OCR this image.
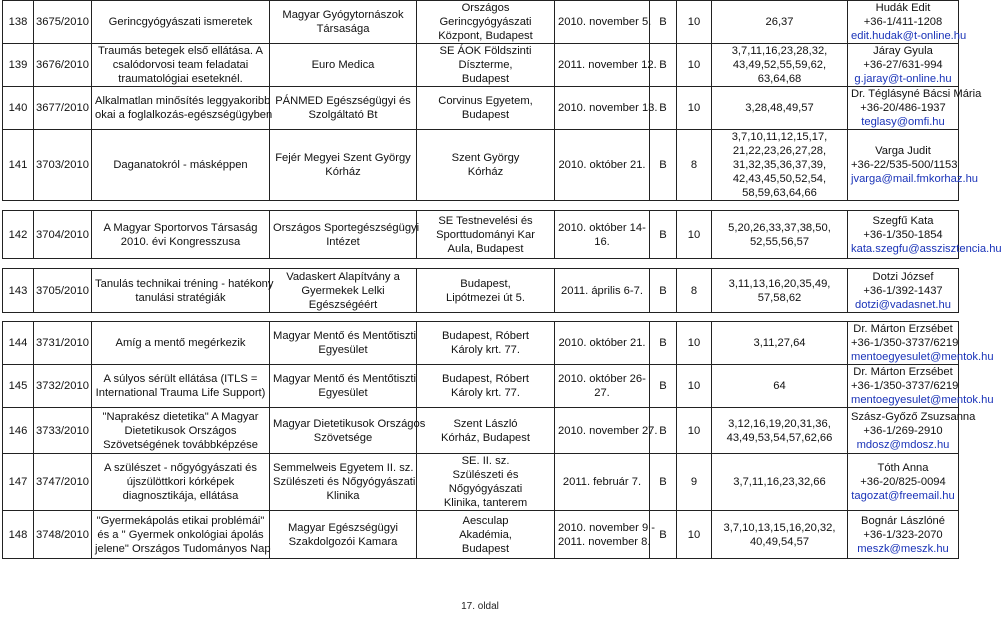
138	3675/2010	Gerincgyógyászati ismeretek	Magyar Gyógytornászok
Társasága	Országos
Gerincgyógyászati
Központ, Budapest	2010. november 5.	B	10	26,37	Hudák Edit
+36-1/411-1208
edit.hudak@t-online.hu

139	3676/2010	Traumás betegek első ellátása. A
csalódorvosi team feladatai
traumatológiai eseteknél.	Euro Medica	SE ÁOK Földszinti
Díszterme,
Budapest	2011. november 12.	B	10	3,7,11,16,23,28,32,
43,49,52,55,59,62,
63,64,68	Járay Gyula
+36-27/631-994
g.jaray@t-online.hu

140	3677/2010	Alkalmatlan minősítés leggyakoribb
okai a foglalkozás-egészségügyben	PÁNMED Egészségügyi és
Szolgáltató Bt	Corvinus Egyetem,
Budapest	2010. november 13.	B	10	3,28,48,49,57	Dr. Téglásyné Bácsi Mária
+36-20/486-1937
teglasy@omfi.hu

141	3703/2010	Daganatokról - másképpen	Fejér Megyei Szent György
Kórház	Szent György
Kórház	2010. október 21.	B	8	3,7,10,11,12,15,17,
21,22,23,26,27,28,
31,32,35,36,37,39,
42,43,45,50,52,54,
58,59,63,64,66	Varga Judit
+36-22/535-500/1153
jvarga@mail.fmkorhaz.hu

142	3704/2010	A Magyar Sportorvos Társaság
2010. évi Kongresszusa	Országos Sportegészségügyi
Intézet	SE Testnevelési és
Sporttudományi Kar
Aula, Budapest	2010. október 14-
16.	B	10	5,20,26,33,37,38,50,
52,55,56,57	Szegfű Kata
+36-1/350-1854
kata.szegfu@asszisztencia.hu

143	3705/2010	Tanulás technikai tréning - hatékony
tanulási stratégiák	Vadaskert Alapítvány a
Gyermekek Lelki
Egészségéért	Budapest,
Lipótmezei út 5.	2011. április 6-7.	B	8	3,11,13,16,20,35,49,
57,58,62	Dotzi József
+36-1/392-1437
dotzi@vadasnet.hu

144	3731/2010	Amíg a mentő megérkezik	Magyar Mentő és Mentőtiszti
Egyesület	Budapest, Róbert
Károly krt. 77.	2010. október 21.	B	10	3,11,27,64	Dr. Márton Erzsébet
+36-1/350-3737/6219
mentoegyesulet@mentok.hu

145	3732/2010	A súlyos sérült ellátása (ITLS =
International Trauma Life Support)	Magyar Mentő és Mentőtiszti
Egyesület	Budapest, Róbert
Károly krt. 77.	2010. október 26-
27.	B	10	64	Dr. Márton Erzsébet
+36-1/350-3737/6219
mentoegyesulet@mentok.hu

146	3733/2010	"Naprakész dietetika" A Magyar
Dietetikusok Országos
Szövetségének továbbképzése	Magyar Dietetikusok Országos
Szövetsége	Szent László
Kórház, Budapest	2010. november 27.	B	10	3,12,16,19,20,31,36,
43,49,53,54,57,62,66	Szász-Győző Zsuzsanna
+36-1/269-2910
mdosz@mdosz.hu

147	3747/2010	A szülészet - nőgyógyászati és
újszülöttkori kórképek
diagnosztikája, ellátása	Semmelweis Egyetem II. sz.
Szülészeti és Nőgyógyászati
Klinika	SE. II. sz.
Szülészeti és
Nőgyógyászati
Klinika, tanterem	2011. február 7.	B	9	3,7,11,16,23,32,66	Tóth Anna
+36-20/825-0094
tagozat@freemail.hu

148	3748/2010	"Gyermekápolás etikai problémái"
és a " Gyermek onkológiai ápolás
jelene" Országos Tudományos Nap	Magyar Egészségügyi
Szakdolgozói Kamara	Aesculap
Akadémia,
Budapest	2010. november 9 -
2011. november 8.	B	10	3,7,10,13,15,16,20,32,
40,49,54,57	Bognár Lászlóné
+36-1/323-2070
meszk@meszk.hu
17. oldal
